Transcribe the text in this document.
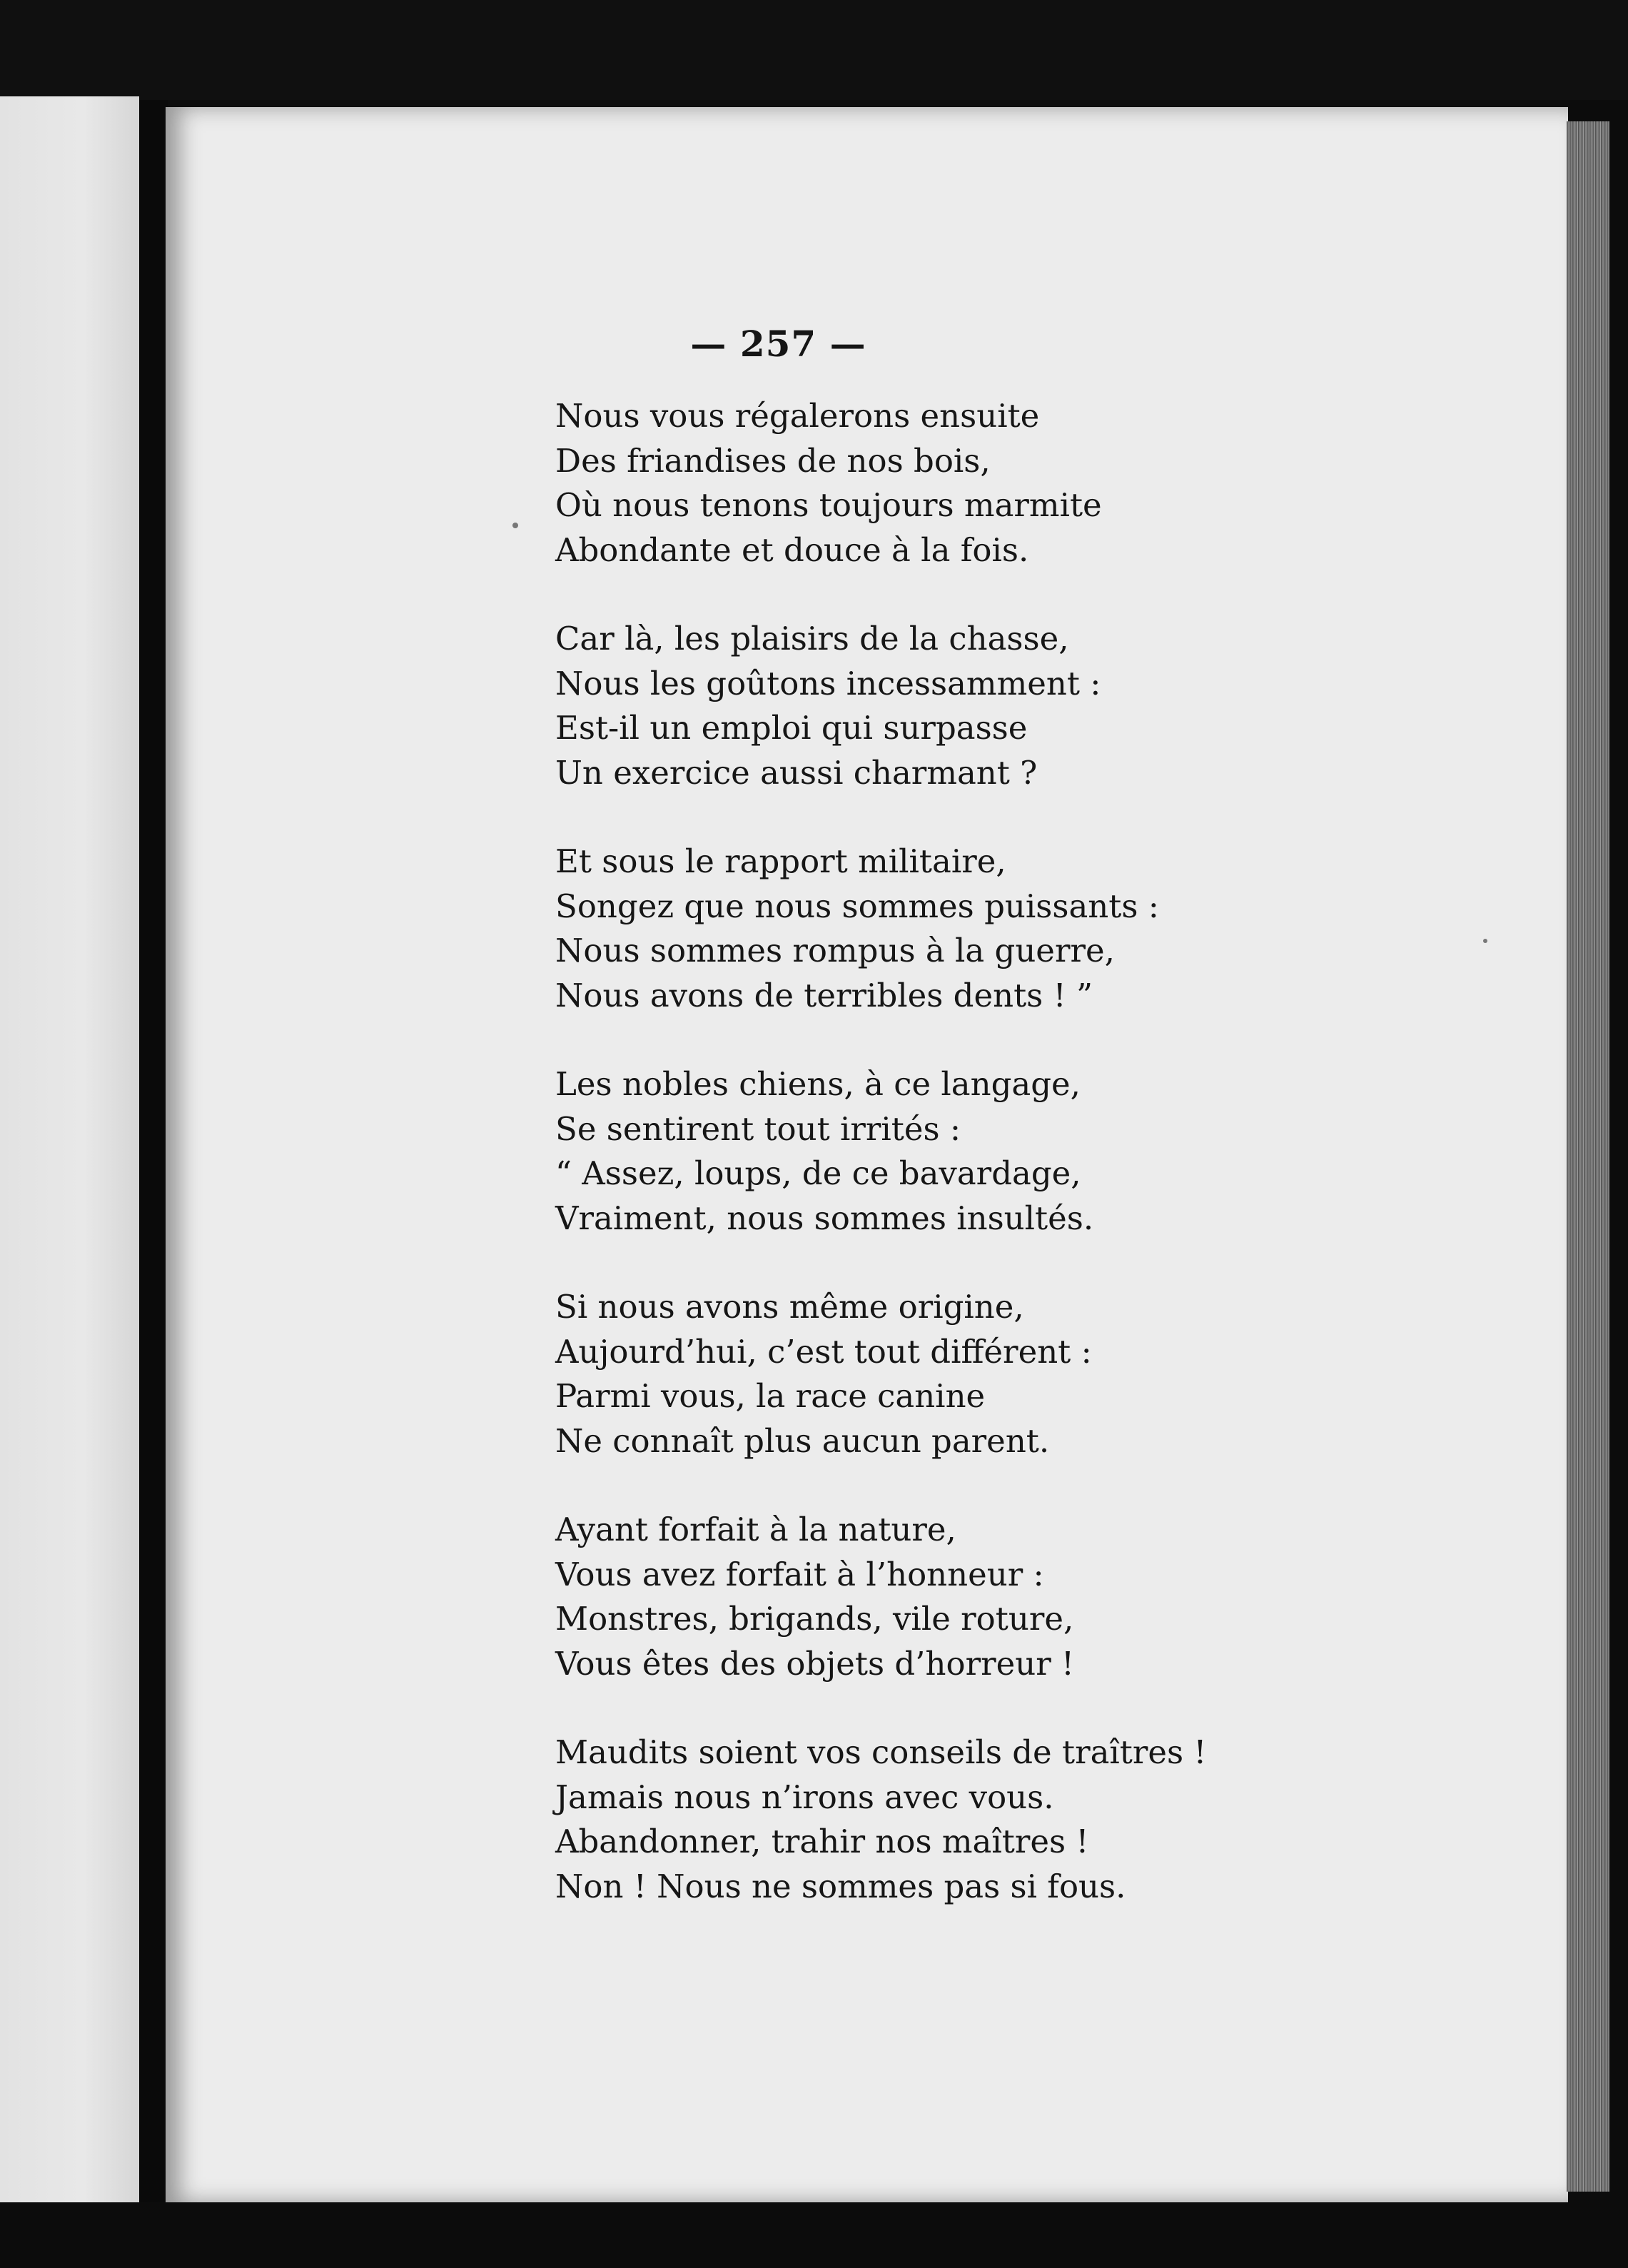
— 257 —
Nous vous régalerons ensuite
Des friandises de nos bois,
Où nous tenons toujours marmite
Abondante et douce à la fois.
Car là, les plaisirs de la chasse,
Nous les goûtons incessamment :
Est-il un emploi qui surpasse
Un exercice aussi charmant ?
Et sous le rapport militaire,
Songez que nous sommes puissants :
Nous sommes rompus à la guerre,
Nous avons de terribles dents ! ”
Les nobles chiens, à ce langage,
Se sentirent tout irrités :
“ Assez, loups, de ce bavardage,
Vraiment, nous sommes insultés.
Si nous avons même origine,
Aujourd’hui, c’est tout différent :
Parmi vous, la race canine
Ne connaît plus aucun parent.
Ayant forfait à la nature,
Vous avez forfait à l’honneur :
Monstres, brigands, vile roture,
Vous êtes des objets d’horreur !
Maudits soient vos conseils de traîtres !
Jamais nous n’irons avec vous.
Abandonner, trahir nos maîtres !
Non ! Nous ne sommes pas si fous.
